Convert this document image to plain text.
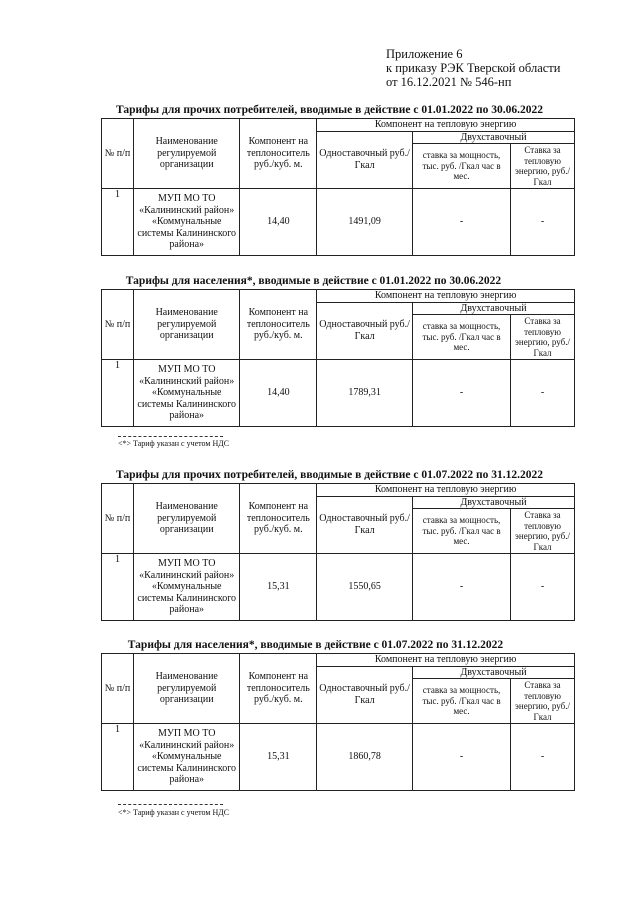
Приложение 6
к приказу РЭК Тверской области
от 16.12.2021 № 546-нп
Тарифы для прочих потребителей, вводимые в действие с 01.01.2022 по 30.06.2022
№ п/п	Наименование регулируемой организации	Компонент на теплоноситель руб./куб. м.	Компонент на тепловую энергию		
			Одноставочный руб./Гкал	Двухставочный	
				ставка за мощность, тыс. руб. /Гкал час в мес.	Ставка за тепловую энергию, руб./Гкал
1	МУП МО ТО «Калининский район» «Коммунальные системы Калининского района»	14,40	1491,09	-	-
Тарифы для населения*, вводимые в действие с 01.01.2022 по 30.06.2022
№ п/п	Наименование регулируемой организации	Компонент на теплоноситель руб./куб. м.	Компонент на тепловую энергию		
			Одноставочный руб./Гкал	Двухставочный	
				ставка за мощность, тыс. руб. /Гкал час в мес.	Ставка за тепловую энергию, руб./Гкал
1	МУП МО ТО «Калининский район» «Коммунальные системы Калининского района»	14,40	1789,31	-	-
<*> Тариф указан с учетом НДС
Тарифы для прочих потребителей, вводимые в действие с 01.07.2022 по 31.12.2022
№ п/п	Наименование регулируемой организации	Компонент на теплоноситель руб./куб. м.	Компонент на тепловую энергию		
			Одноставочный руб./Гкал	Двухставочный	
				ставка за мощность, тыс. руб. /Гкал час в мес.	Ставка за тепловую энергию, руб./Гкал
1	МУП МО ТО «Калининский район» «Коммунальные системы Калининского района»	15,31	1550,65	-	-
Тарифы для населения*, вводимые в действие с 01.07.2022 по 31.12.2022
№ п/п	Наименование регулируемой организации	Компонент на теплоноситель руб./куб. м.	Компонент на тепловую энергию		
			Одноставочный руб./Гкал	Двухставочный	
				ставка за мощность, тыс. руб. /Гкал час в мес.	Ставка за тепловую энергию, руб./Гкал
1	МУП МО ТО «Калининский район» «Коммунальные системы Калининского района»	15,31	1860,78	-	-
<*> Тариф указан с учетом НДС
